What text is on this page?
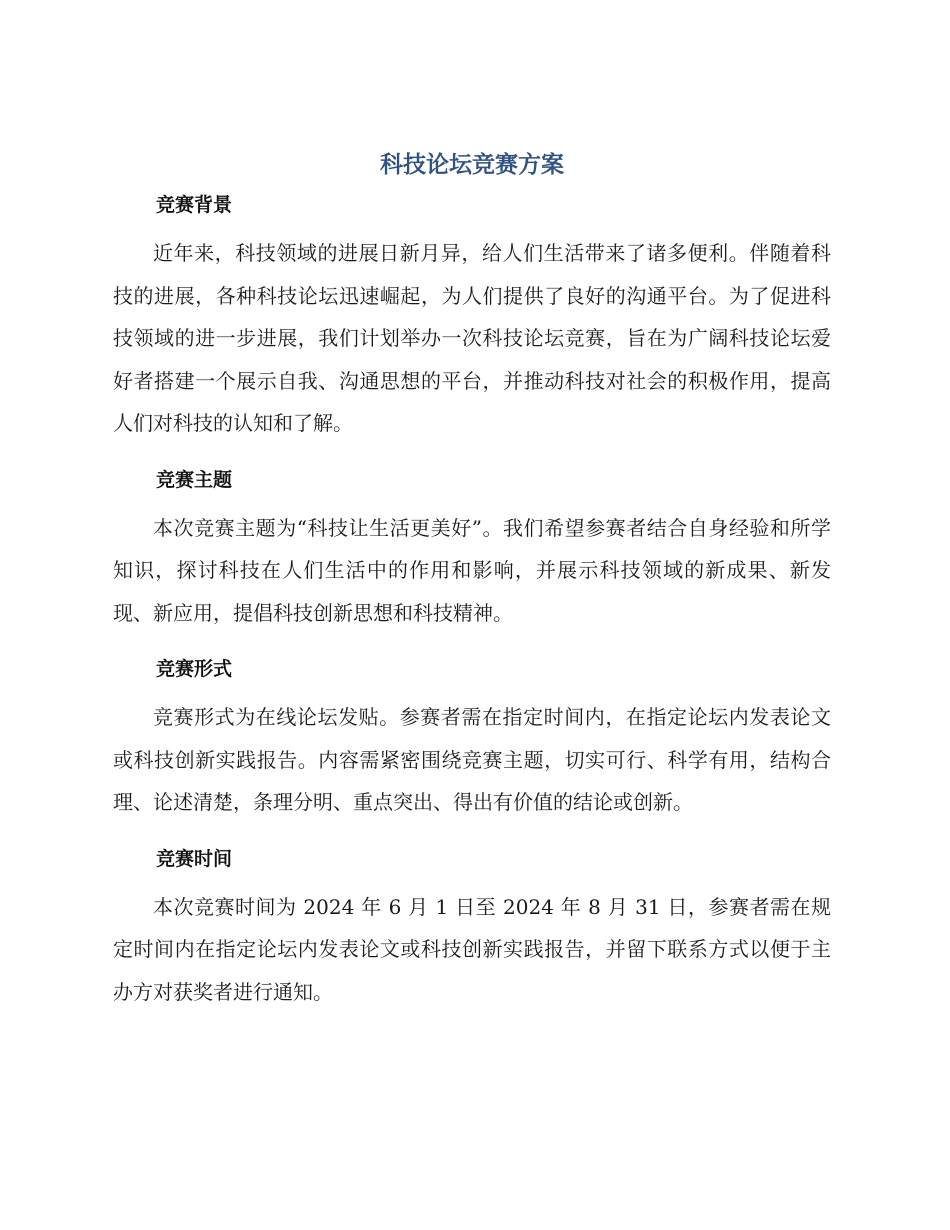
科技论坛竞赛方案
竞赛背景

近年来，科技领域的进展日新月异，给人们生活带来了诸多便利。伴随着科技的进展，各种科技论坛迅速崛起，为人们提供了良好的沟通平台。为了促进科技领域的进一步进展，我们计划举办一次科技论坛竞赛，旨在为广阔科技论坛爱好者搭建一个展示自我、沟通思想的平台，并推动科技对社会的积极作用，提高人们对科技的认知和了解。

竞赛主题

本次竞赛主题为“科技让生活更美好”。我们希望参赛者结合自身经验和所学知识，探讨科技在人们生活中的作用和影响，并展示科技领域的新成果、新发现、新应用，提倡科技创新思想和科技精神。

竞赛形式

竞赛形式为在线论坛发贴。参赛者需在指定时间内，在指定论坛内发表论文或科技创新实践报告。内容需紧密围绕竞赛主题，切实可行、科学有用，结构合理、论述清楚，条理分明、重点突出、得出有价值的结论或创新。

竞赛时间

本次竞赛时间为 2024 年 6 月 1 日至 2024 年 8 月 31 日，参赛者需在规定时间内在指定论坛内发表论文或科技创新实践报告，并留下联系方式以便于主办方对获奖者进行通知。
